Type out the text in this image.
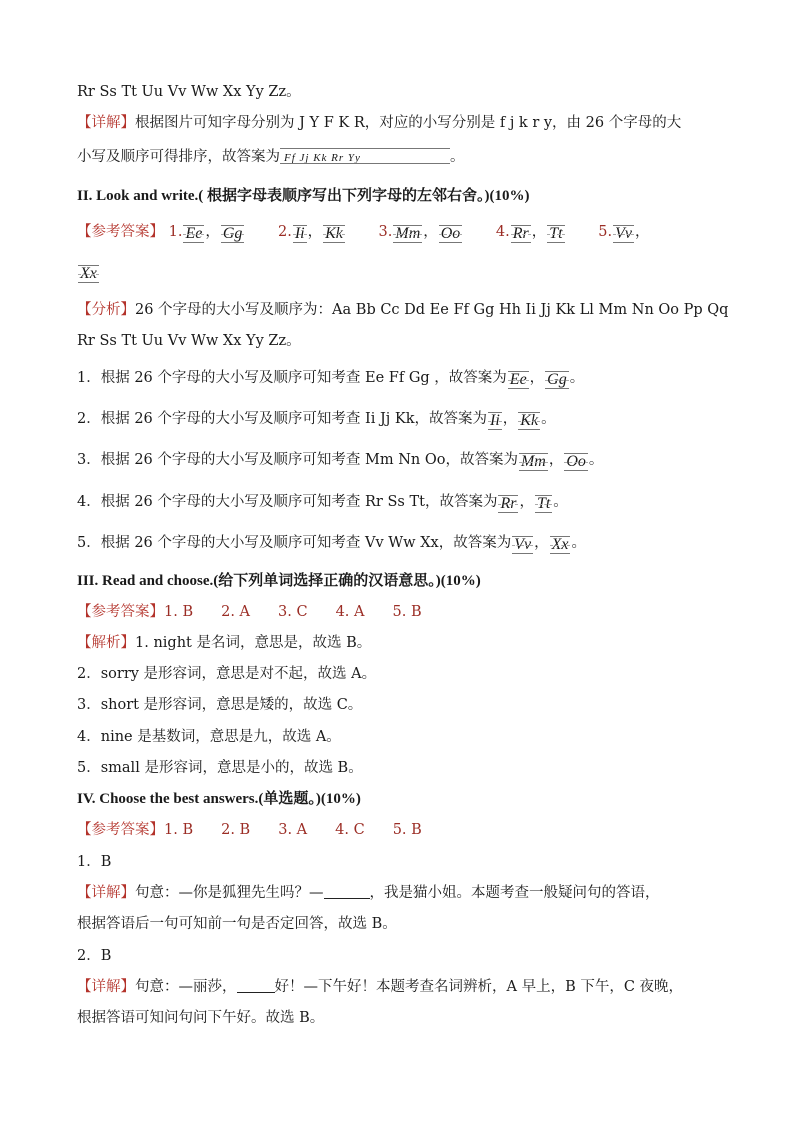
Rr Ss Tt Uu Vv Ww Xx Yy Zz。
【详解】根据图片可知字母分别为 J Y F K R，对应的小写分别是 f j k r y，由 26 个字母的大
小写及顺序可得排序，故答案为 Ff Jj Kk Rr Yy	。
II. Look and write.( 根据字母表顺序写出下列字母的左邻右舍。)(10%)
【参考答案】 1. Ee ， Gg 2. Ii ， Kk 3. Mm ， Oo 4. Rr ， Tt 5. Vv ，
Xx
【分析】26 个字母的大小写及顺序为：Aa Bb Cc Dd Ee Ff Gg Hh Ii Jj Kk Ll Mm Nn Oo Pp Qq
Rr Ss Tt Uu Vv Ww Xx Yy Zz。
1．根据 26 个字母的大小写及顺序可知考查 Ee Ff Gg ，故答案为 Ee ， Gg 。
2．根据 26 个字母的大小写及顺序可知考查 Ii Jj Kk，故答案为 Ii ， Kk 。
3．根据 26 个字母的大小写及顺序可知考查 Mm Nn Oo，故答案为 Mm ， Oo 。
4．根据 26 个字母的大小写及顺序可知考查 Rr Ss Tt，故答案为 Rr ， Tt 。
5．根据 26 个字母的大小写及顺序可知考查 Vv Ww Xx，故答案为 Vv ， Xx 。
III. Read and choose.(给下列单词选择正确的汉语意思。)(10%)
【参考答案】1. B 2. A 3. C 4. A 5. B
【解析】1. night 是名词，意思是，故选 B。
2．sorry 是形容词，意思是对不起，故选 A。
3．short 是形容词，意思是矮的，故选 C。
4．nine 是基数词，意思是九，故选 A。
5．small 是形容词，意思是小的，故选 B。
IV. Choose the best answers.(单选题。)(10%)
【参考答案】1. B 2. B 3. A 4. C 5. B
1．B
【详解】句意：—你是狐狸先生吗？—	，我是猫小姐。本题考查一般疑问句的答语，
根据答语后一句可知前一句是否定回答，故选 B。
2．B
【详解】句意：—丽莎，	好！—下午好！本题考查名词辨析，A 早上，B 下午，C 夜晚，
根据答语可知问句问下午好。故选 B。
